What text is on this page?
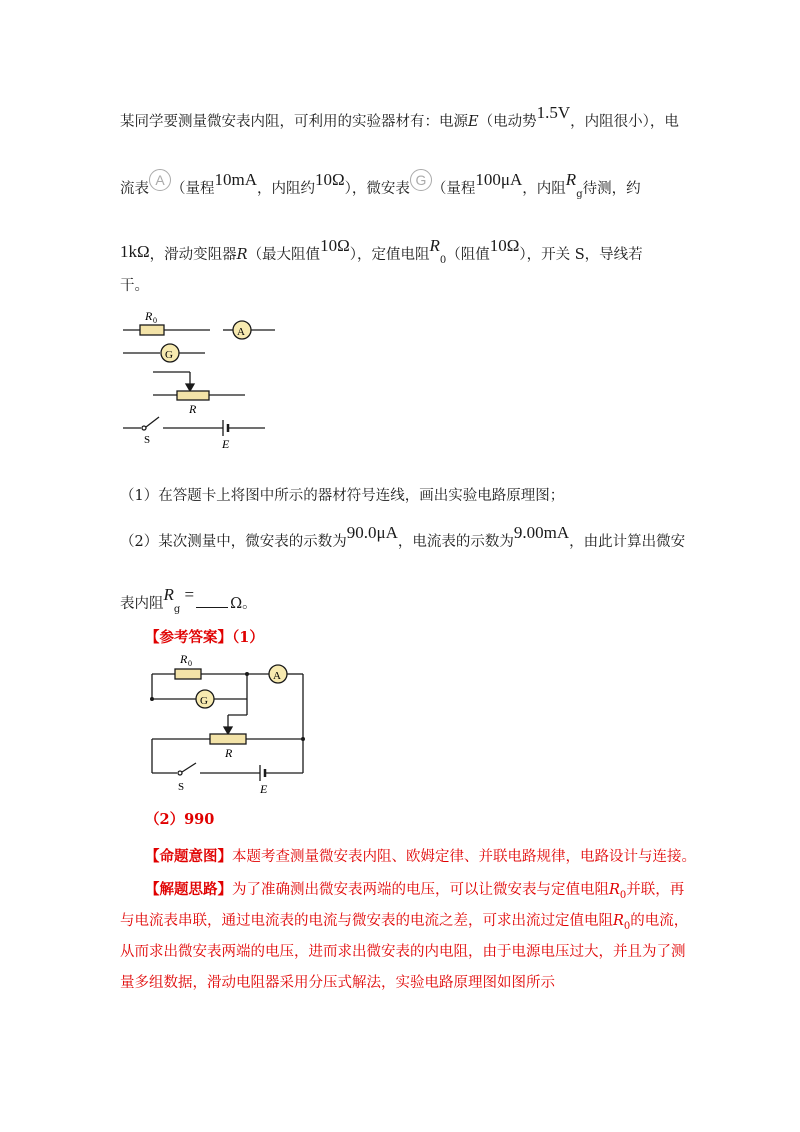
某同学要测量微安表内阻，可利用的实验器材有：电源E（电动势1.5V，内阻很小），电
流表A（量程10mA，内阻约10Ω），微安表G（量程100μA，内阻$R_g$待测，约
1kΩ，滑动变阻器R（最大阻值10Ω），定值电阻$R_0$（阻值10Ω），开关 S，导线若
干。
R 0
A
G
R
S	E
（1）在答题卡上将图中所示的器材符号连线，画出实验电路原理图；
（2）某次测量中，微安表的示数为90.0μA，电流表的示数为9.00mA，由此计算出微安
表内阻$R_g = \Omega$。
【参考答案】（1）
R 0
A
G
R
S	E
（2）990
【命题意图】本题考查测量微安表内阻、欧姆定律、并联电路规律，电路设计与连接。
【解题思路】为了准确测出微安表两端的电压，可以让微安表与定值电阻$R_0$并联，再
与电流表串联，通过电流表的电流与微安表的电流之差，可求出流过定值电阻$R_0$的电流，
从而求出微安表两端的电压，进而求出微安表的内电阻，由于电源电压过大，并且为了测
量多组数据，滑动电阻器采用分压式解法，实验电路原理图如图所示
